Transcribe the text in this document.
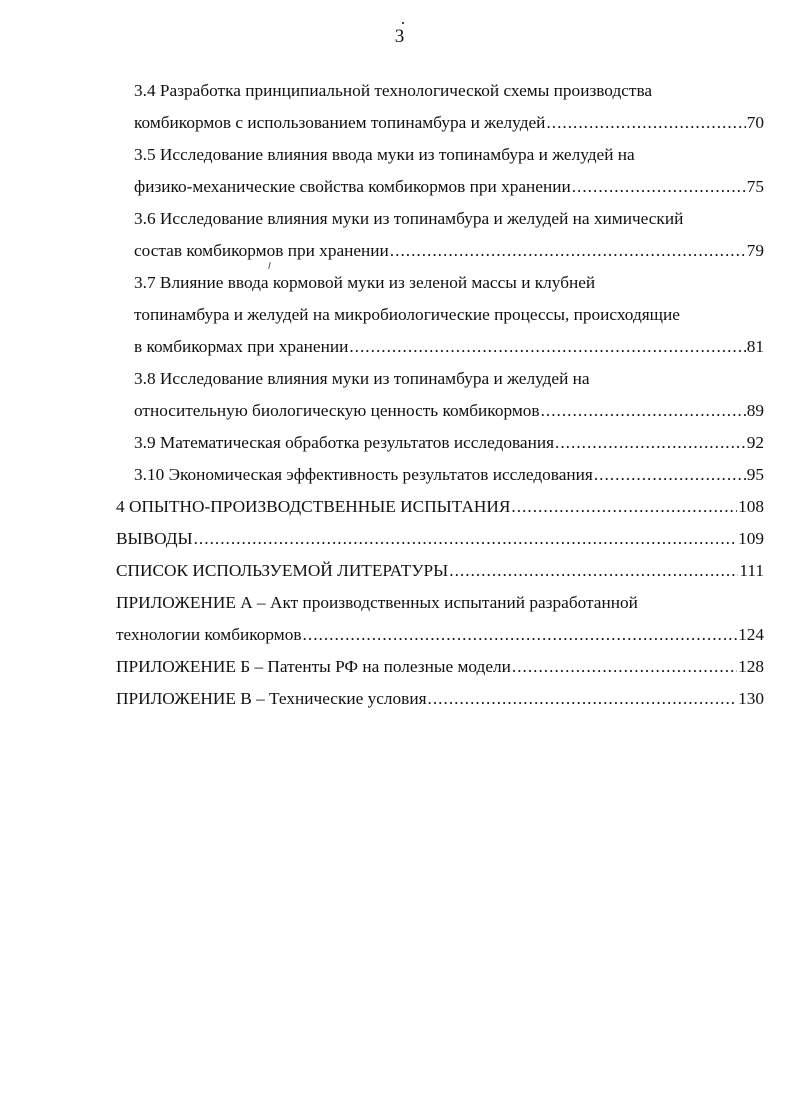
3
3.4 Разработка принципиальной технологической схемы производства
комбикормов с использованием топинамбура и желудей .....	70
3.5 Исследование влияния ввода муки из топинамбура и желудей на
физико-механические свойства комбикормов при хранении .....	75
3.6 Исследование влияния муки из топинамбура и желудей на химический
состав комбикормов при хранении .....	79
3.7 Влияние ввода кормовой муки из зеленой массы и клубней
топинамбура и желудей на микробиологические процессы, происходящие
в комбикормах при хранении .....	81
3.8 Исследование влияния муки из топинамбура и желудей на
относительную биологическую ценность комбикормов .....	89
3.9 Математическая обработка результатов исследования .....	92
3.10 Экономическая эффективность результатов исследования .....	95
4 ОПЫТНО-ПРОИЗВОДСТВЕННЫЕ ИСПЫТАНИЯ .....	108
ВЫВОДЫ .....	109
СПИСОК ИСПОЛЬЗУЕМОЙ ЛИТЕРАТУРЫ .....	111
ПРИЛОЖЕНИЕ А – Акт производственных испытаний разработанной
технологии комбикормов .....	124
ПРИЛОЖЕНИЕ Б – Патенты РФ на полезные модели .....	128
ПРИЛОЖЕНИЕ В – Технические условия .....	130
